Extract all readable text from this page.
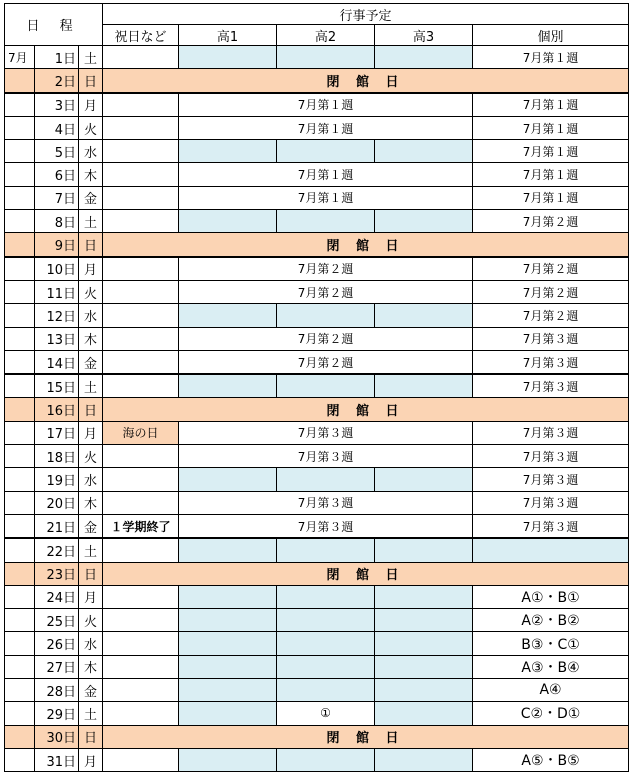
日 程			行事予定				
			祝日など	高1	高2	高3	個別
7月	1日	土					7月第１週
	2日	日	閉 館 日				
	3日	月		7月第１週			7月第１週
	4日	火		7月第１週			7月第１週
	5日	水					7月第１週
	6日	木		7月第１週			7月第１週
	7日	金		7月第１週			7月第１週
	8日	土					7月第２週
	9日	日	閉 館 日				
	10日	月		7月第２週			7月第２週
	11日	火		7月第２週			7月第２週
	12日	水					7月第２週
	13日	木		7月第２週			7月第３週
	14日	金		7月第２週			7月第３週
	15日	土					7月第３週
	16日	日	閉 館 日				
	17日	月	海の日	7月第３週			7月第３週
	18日	火		7月第３週			7月第３週
	19日	水					7月第３週
	20日	木		7月第３週			7月第３週
	21日	金	１学期終了	7月第３週			7月第３週
	22日	土					
	23日	日	閉 館 日				
	24日	月					A①・B①
	25日	火					A②・B②
	26日	水					B③・C①
	27日	木					A③・B④
	28日	金					A④
	29日	土			①		C②・D①
	30日	日	閉 館 日				
	31日	月					A⑤・B⑤
